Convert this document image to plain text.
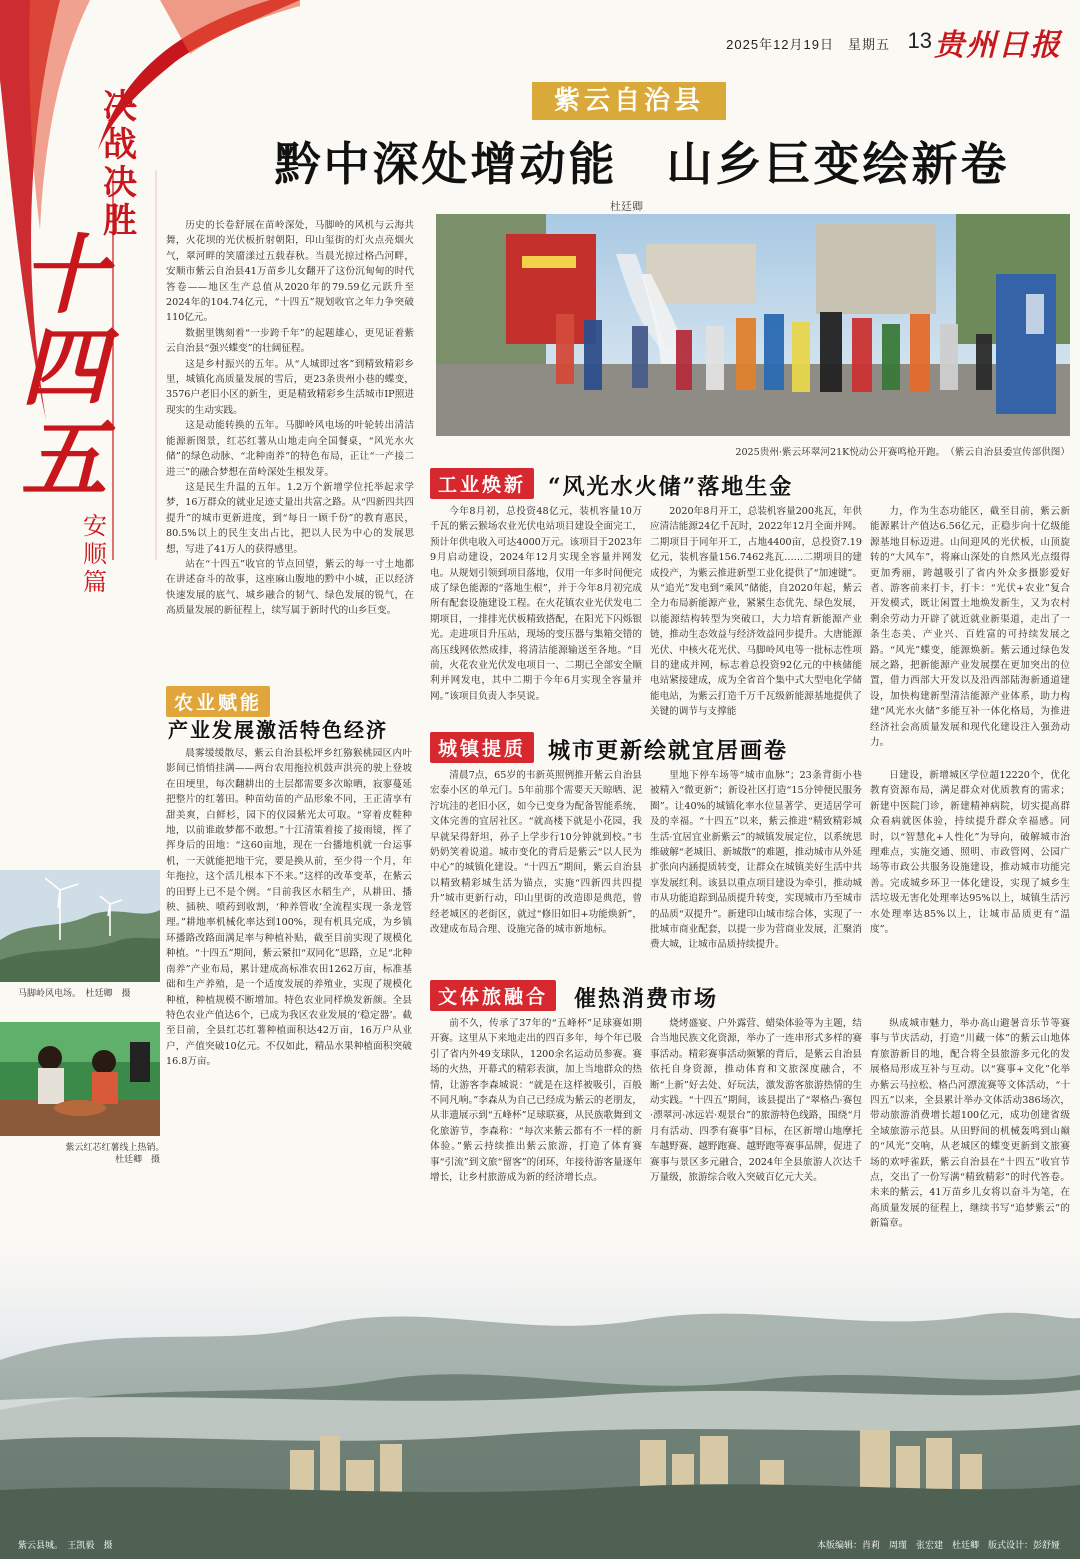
2025年12月19日　星期五 13 贵州日报
决战决胜
十四五
安顺篇
紫云自治县
黔中深处增动能　山乡巨变绘新卷
杜廷卿

历史的长卷舒展在苗岭深处，马脚岭的风机与云海共舞，火花坝的光伏板折射朝阳，印山玺街的灯火点亮烟火气，翠河畔的笑靥漾过五载春秋。当晨光掠过格凸河畔，安顺市紫云自治县41万苗乡儿女翻开了这份沉甸甸的时代答卷——地区生产总值从2020年的79.59亿元跃升至2024年的104.74亿元，“十四五”规划收官之年力争突破110亿元。

数据里镌刻着“一步跨千年”的起题雄心，更见证着紫云自治县“强兴蝶变”的壮阔征程。

这是乡村振兴的五年。从“人城即过客”到精致精彩乡里，城镇化高质量发展的雪后，更23条贵州小巷的蝶变，3576户老旧小区的新生，更是精致精彩乡生活城市IP照进现实的生动实践。

这是动能转换的五年。马脚岭风电场的叶轮转出清洁能源新图景，红芯红薯从山地走向全国餐桌，“风光水火储”的绿色动脉、“北种南养”的特色布局，正让“一产接二进三”的融合梦想在苗岭深处生根发芽。

这是民生升温的五年。1.2万个新增学位托举起求学梦，16万群众的就业足迹丈量出共富之路。从“四新四共四提升”的城市更新进度，到“每日一顾千份”的教育惠民，80.5%以上的民生支出占比，把以人民为中心的发展思想，写进了41万人的获得感里。

站在“十四五”收官的节点回望，紫云的每一寸土地都在讲述奋斗的故事，这座麻山腹地的黔中小城，正以经济快速发展的底气、城乡融合的韧气、绿色发展的锐气，在高质量发展的新征程上，续写属于新时代的山乡巨变。

2025贵州·紫云环翠河21K悦动公开赛鸣枪开跑。　（紫云自治县委宣传部供图）
工业焕新 “风光水火储”落地生金
今年8月初，总投资48亿元，装机容量10万千瓦的紫云猴场农业光伏电站项目建设全面完工，预计年供电收入可达4000万元。该项目于2023年9月启动建设，2024年12月实现全容量并网发电。从规划引领到项目落地，仅用一年多时间便完成了绿色能源的“落地生根”，并于今年8月初完成所有配套设施建设工程。在火花镇农业光伏发电二期项目，一排排光伏板精致搭配，在阳光下闪烁银光。走进项目升压站，现场的变压器与集箱交错的高压线网依然成排，将清洁能源输送至各地。“目前，火花农业光伏发电项目一、二期已全部安全顺利并网发电，其中二期于今年6月实现全容量并网。”该项目负责人李昊说。
2020年8月开工，总装机容量200兆瓦，年供应清洁能源24亿千瓦时，2022年12月全面并网。二期项目于同年开工，占地4400亩，总投资7.19亿元，装机容量156.7462兆瓦……二期项目的建成投产，为紫云推进新型工业化提供了“加速键”。从“追光”发电到“乘风”储能，自2020年起，紫云全力布局新能源产业，紧紧生态优先、绿色发展，以能源结构转型为突破口，大力培育新能源产业链，推动生态效益与经济效益同步提升。大唐能源光伏、中核火花光伏、马脚岭风电等一批标志性项目的建成并网，标志着总投资92亿元的中核储能电站紧接建成，成为全省首个集中式大型电化学储能电站，为紫云打造千万千瓦级新能源基地提供了关键的调节与支撑能
力，作为生态功能区，截至目前，紫云新能源累计产值达6.56亿元，正稳步向十亿级能源基地目标迈进。山间迎风的光伏板，山顶旋转的“大风车”，将麻山深处的自然风光点缀得更加秀丽，跨越吸引了省内外众多摄影爱好者、游客前来打卡，打卡：“光伏+农业”复合开发模式，既让闲置土地焕发新生，又为农村剩余劳动力开辟了就近就业新渠道，走出了一条生态美、产业兴、百姓富的可持续发展之路。“风光”蝶变，能源焕新。紫云通过绿色发展之路，把新能源产业发展摆在更加突出的位置，借力西部大开发以及沿西部陆海新通道建设，加快构建新型清洁能源产业体系，助力构建“风光水火储”多能互补一体化格局，为推进经济社会高质量发展和现代化建设注入强劲动力。
农业赋能
产业发展激活特色经济
晨雾缓缓散尽，紫云自治县松坪乡红猕猴桃园区内叶影间已悄悄挂满——两台农用拖拉机鼓声洪亮的驶上登坡在田埂里，每次翻耕出的土层都需要多次晾晒，寂寥蔓延把整片的红薯田。种苗幼苗的产品形象不同，王正清享有甜美爽，白鲜杉，园下的仪园紫光太可取。“穿着皮鞋种地，以前谁敢梦都不敢想。”十江清策着接了接雨镜，挥了挥身后的田地：“这60亩地，现在一台播地机就一台运事机，一天就能把地干完，要是换从前，至少得一个月，年年拖拉，这个活儿根本下不来。”这样的改革变革，在紫云的田野上已不是个例。“目前我区水稻生产，从耕田、播秧、插秧、喷药到收割，‘种养管收’全流程实现一条龙管理。”耕地率机械化率达到100%，现有机具完成，为乡镇环播路改路面满足率与种植补贴，截至目前实现了规模化种植。“十四五”期间，紫云紧扣“双同化”思路，立足“北种南养”产业布局，累计建成高标准农田1262万亩，标准基础和生产养殖，是一个适度发展的养殖业，实现了规模化种植，种植规模不断增加。特色农业同样焕发新颜。全县特色农业产值达6个，已成为我区农业发展的‘稳定器’。截至目前，全县红芯红薯种植面积达42万亩，16万户从业户，产值突破10亿元。不仅如此，精品水果种植面积突破16.8万亩。
马脚岭风电场。　杜廷卿　摄
紫云红芯红薯线上热销。　杜廷卿　摄
城镇提质 城市更新绘就宜居画卷
清晨7点，65岁的韦新英照例推开紫云自治县宏泰小区的单元门。5年前那个需要天天晾晒、泥泞坑洼的老旧小区，如今已变身为配备智能系统、文体完善的宜居社区。“就高楼下就是小花园，我早就呆得舒坦，孙子上学步行10分钟就到校。”韦奶奶笑着说道。城市变化的背后是紫云“以人民为中心”的城镇化建设。“十四五”期间，紫云自治县以精致精彩城生活为锚点，实施“四新四共四提升”城市更新行动，印山里街的改造即是典范，曾经老城区的老街区，就过“修旧如旧+功能焕新”，改建成布局合理、设施完备的城市新地标。
里地下停车场等“城市血脉”；23条背街小巷被精入“微更新”；新设社区打造“15分钟便民服务圈”。让40%的城镇化率水位显著学、更适居学可及的幸福。“十四五”以来，紫云推进“精致精彩城生活·宜居宜业新紫云”的城镇发展定位，以系统思维破解“老城旧、新城散”的难题，推动城市从外延扩张向内涵提质转变，让群众在城镇美好生活中共享发展红利。该县以重点项目建设为牵引，推动城市从功能追踪到品质提升转变，实现城市乃至城市的品质“双提升”。新建印山城市综合体，实现了一批城市商业配套，以提一步为营商业发展，汇聚消费大城，让城市品质持续提升。
日建设，新增城区学位超12220个，优化教育资源布局，满足群众对优质教育的需求；新建中医院门诊，新建精神病院，切实提高群众看病就医体验，持续提升群众幸福感。同时，以“智慧化+人性化”为导向，破解城市治理难点，实施交通、照明、市政管网、公园广场等市政公共服务设施建设，推动城市功能完善。完成城乡环卫一体化建设，实现了城乡生活垃圾无害化处理率达95%以上，城镇生活污水处理率达85%以上，让城市品质更有“温度”。
文体旅融合	催热消费市场
前不久，传承了37年的“五峰杯”足球赛如期开赛。这里从下来地走出的四百多年，每个年已吸引了省内外49支球队，1200余名运动员参赛。赛场的火热，开幕式的精彩表演，加上当地群众的热情，让游客李森城说：“就是在这样被吸引，百般不同凡响。”李森从为自己已经成为紫云的老朋友，从非遗展示到“五峰杯”足球联赛，从民族歌舞到文化旅游节，李森称：“每次来紫云都有不一样的新体验。”紫云持续推出紫云旅游，打造了体育赛事“引流”到文旅“留客”的闭环，年接待游客量逐年增长，让乡村旅游成为新的经济增长点。
烧烤盛宴、户外露营、蜡染体验等为主题，结合当地民族文化资源，举办了一连串形式多样的赛事活动。精彩赛事活动频繁的背后，是紫云自治县依托自身资源，推动体育和文旅深度融合，不断“上新”好去处、好玩法，激发游客旅游热情的生动实践。“十四五”期间，该县提出了“翠格凸·赛包·漂翠河·冰远岩·观景台”的旅游特色线路，围绕“月月有活动、四季有赛事”目标，在区新增山地摩托车越野赛、越野跑赛、越野跑等赛事品牌，促进了赛事与景区多元融合，2024年全县旅游人次达千万量级，旅游综合收入突破百亿元大关。
纵成城市魅力，举办高山避暑音乐节等赛事与节庆活动，打造“川藏一体”的紫云山地体育旅游新目的地，配合将全县旅游多元化的发展格局形成互补与互动。以“赛事+文化”化举办紫云马拉松、格凸河漂流赛等文体活动，“十四五”以来，全县累计举办文体活动386场次，带动旅游消费增长超100亿元，成功创建省级全域旅游示范县。从田野间的机械轰鸣到山巅的“风光”交响，从老城区的蝶变更新到文旅赛场的欢呼雀跃，紫云自治县在“十四五”收官节点，交出了一份写满“精致精彩”的时代答卷。未来的紫云，41万苗乡儿女将以奋斗为笔，在高质量发展的征程上，继续书写“追梦紫云”的新篇章。
紫云县城。　王凯毅　摄	本版编辑：肖莉　周瑾　张宏建　杜廷卿　版式设计：彭舒娅
